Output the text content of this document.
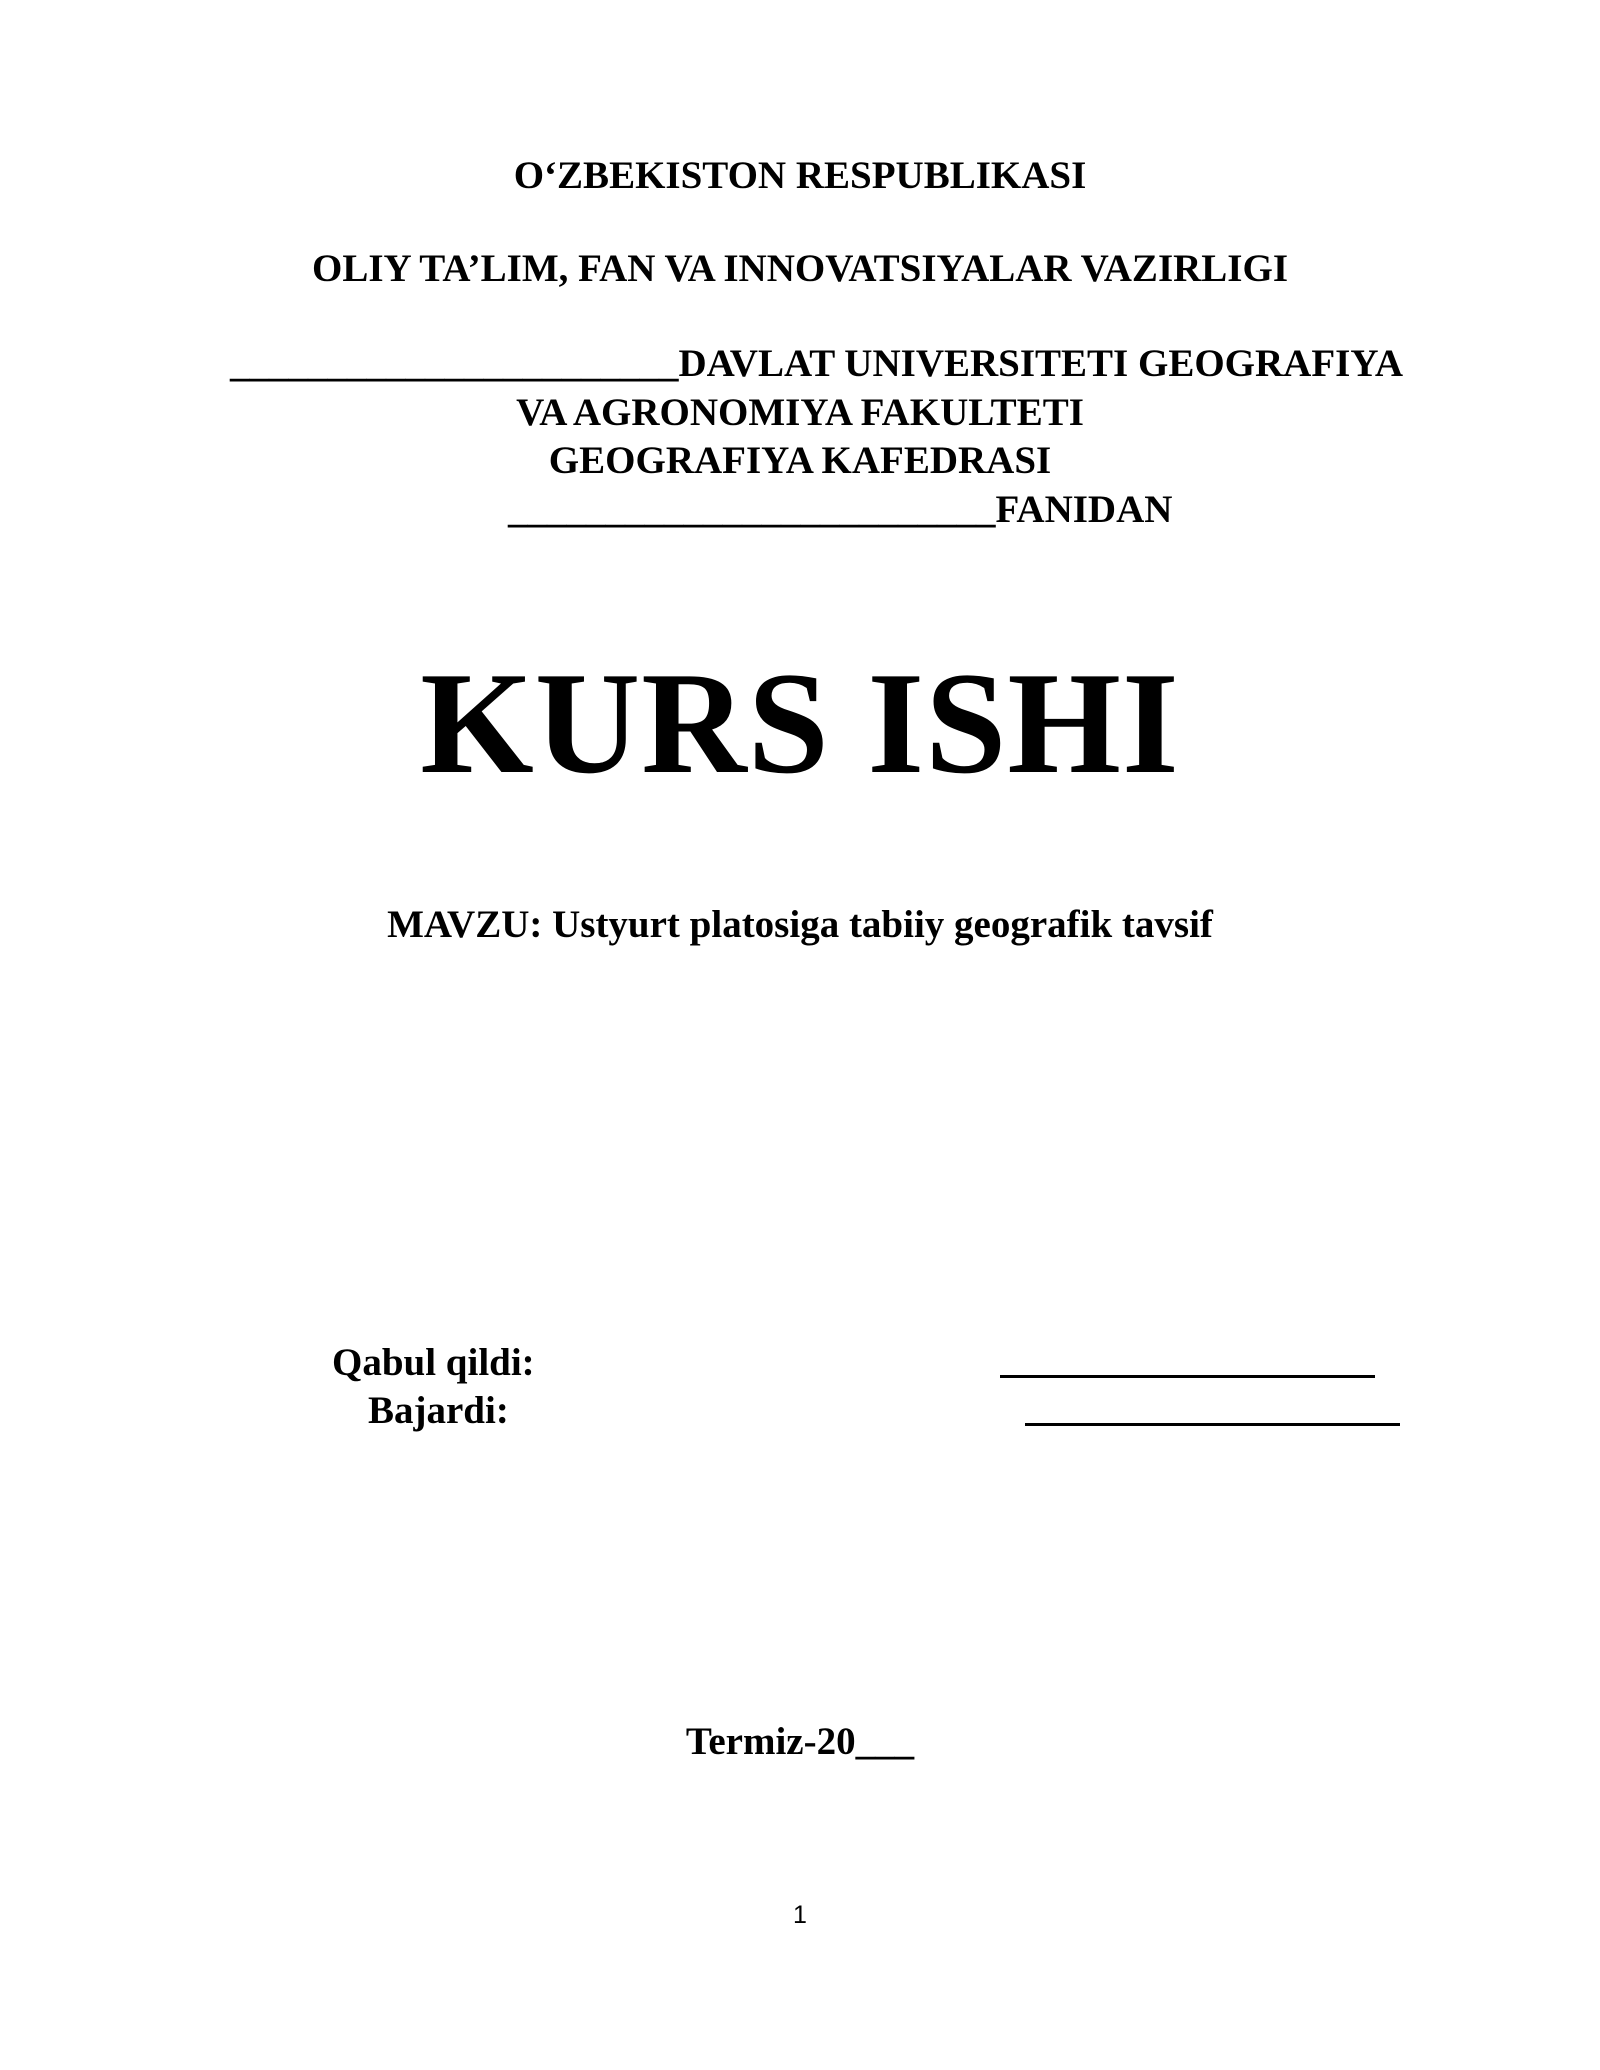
O‘ZBEKISTON RESPUBLIKASI
OLIY TA’LIM, FAN VA INNOVATSIYALAR VAZIRLIGI
_______________________DAVLAT UNIVERSITETI GEOGRAFIYA
VA AGRONOMIYA FAKULTETI
GEOGRAFIYA KAFEDRASI
_________________________FANIDAN
KURS ISHI
MAVZU: Ustyurt platosiga tabiiy geografik tavsif
Qabul qildi:
Bajardi:
Termiz-20___
1
